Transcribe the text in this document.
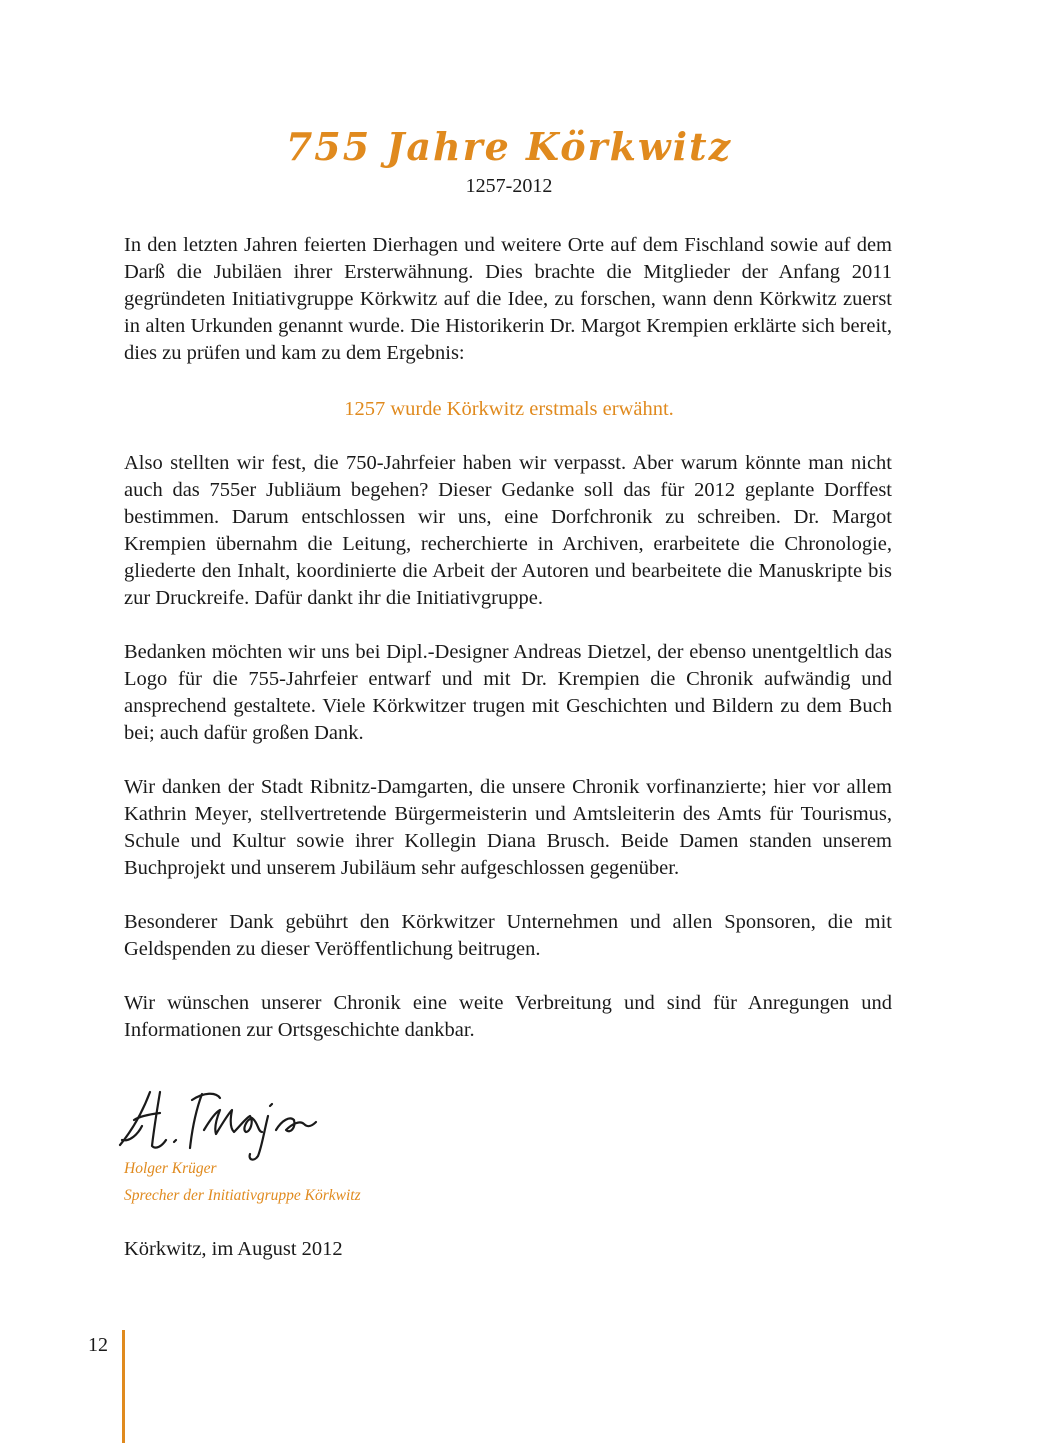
755 Jahre Körkwitz
1257-2012

In den letzten Jahren feierten Dierhagen und weitere Orte auf dem Fischland sowie auf dem Darß die Jubiläen ihrer Ersterwähnung. Dies brachte die Mitglieder der Anfang 2011 gegründeten Initiativgruppe Körkwitz auf die Idee, zu forschen, wann denn Körkwitz zuerst in alten Urkunden genannt wurde. Die Historikerin Dr. Margot Krempien erklärte sich bereit, dies zu prüfen und kam zu dem Ergebnis:

1257 wurde Körkwitz erstmals erwähnt.

Also stellten wir fest, die 750-Jahrfeier haben wir verpasst. Aber warum könnte man nicht auch das 755er Jubliäum begehen? Dieser Gedanke soll das für 2012 geplante Dorffest bestimmen. Darum entschlossen wir uns, eine Dorfchronik zu schreiben. Dr. Margot Krempien übernahm die Leitung, recherchierte in Archiven, erarbeitete die Chronologie, gliederte den Inhalt, koordinierte die Arbeit der Autoren und bearbeitete die Manuskripte bis zur Druckreife. Dafür dankt ihr die Initiativgruppe.

Bedanken möchten wir uns bei Dipl.-Designer Andreas Dietzel, der ebenso unentgeltlich das Logo für die 755-Jahrfeier entwarf und mit Dr. Krempien die Chronik aufwändig und ansprechend gestaltete. Viele Körkwitzer trugen mit Geschichten und Bildern zu dem Buch bei; auch dafür großen Dank.

Wir danken der Stadt Ribnitz-Damgarten, die unsere Chronik vorfinanzierte; hier vor allem Kathrin Meyer, stellvertretende Bürgermeisterin und Amtsleiterin des Amts für Tourismus, Schule und Kultur sowie ihrer Kollegin Diana Brusch. Beide Damen standen unserem Buchprojekt und unserem Jubiläum sehr aufgeschlossen gegenüber.

Besonderer Dank gebührt den Körkwitzer Unternehmen und allen Sponsoren, die mit Geldspenden zu dieser Veröffentlichung beitrugen.

Wir wünschen unserer Chronik eine weite Verbreitung und sind für Anregungen und Informationen zur Ortsgeschichte dankbar.

Holger Krüger
Sprecher der Initiativgruppe Körkwitz
Körkwitz, im August 2012
12
